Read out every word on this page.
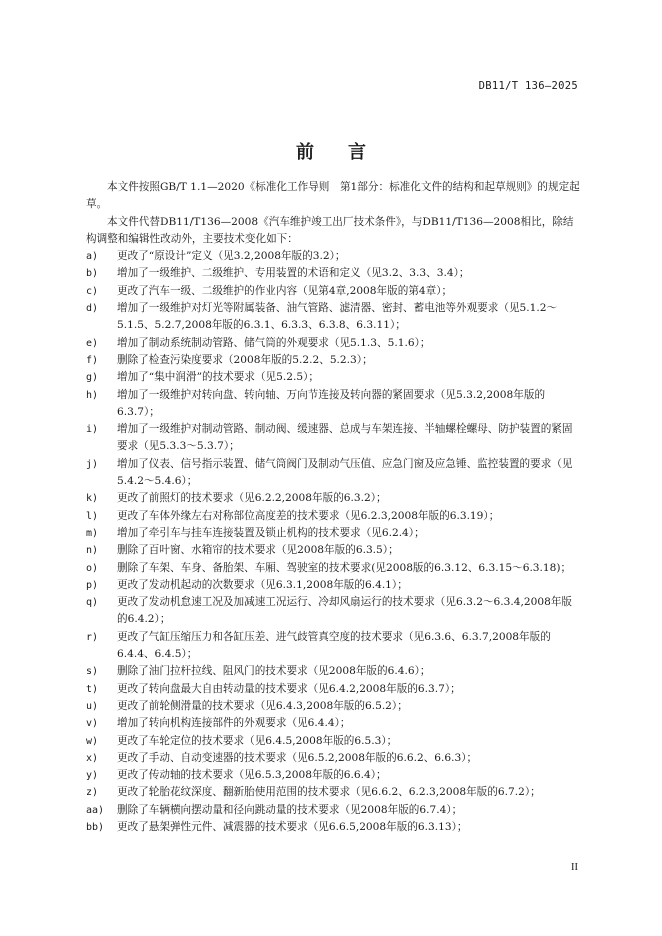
DB11/T 136—2025
前言

本文件按照GB/T 1.1—2020《标准化工作导则　第1部分：标准化文件的结构和起草规则》的规定起草。

本文件代替DB11/T136—2008《汽车维护竣工出厂技术条件》，与DB11/T136—2008相比，除结构调整和编辑性改动外，主要技术变化如下：

a)	更改了“原设计”定义（见3.2,2008年版的3.2）；
b)	增加了一级维护、二级维护、专用装置的术语和定义（见3.2、3.3、3.4）；
c)	更改了汽车一级、二级维护的作业内容（见第4章,2008年版的第4章）；
d)	增加了一级维护对灯光等附属装备、油气管路、滤清器、密封、蓄电池等外观要求（见5.1.2～5.1.5、5.2.7,2008年版的6.3.1、6.3.3、6.3.8、6.3.11）；
e)	增加了制动系统制动管路、储气筒的外观要求（见5.1.3、5.1.6）；
f)	删除了检查污染度要求（2008年版的5.2.2、5.2.3）；
g)	增加了“集中润滑”的技术要求（见5.2.5）；
h)	增加了一级维护对转向盘、转向轴、万向节连接及转向器的紧固要求（见5.3.2,2008年版的6.3.7）；
i)	增加了一级维护对制动管路、制动阀、缓速器、总成与车架连接、半轴螺栓螺母、防护装置的紧固要求（见5.3.3～5.3.7）；
j)	增加了仪表、信号指示装置、储气筒阀门及制动气压值、应急门窗及应急锤、监控装置的要求（见5.4.2～5.4.6）；
k)	更改了前照灯的技术要求（见6.2.2,2008年版的6.3.2）；
l)	更改了车体外缘左右对称部位高度差的技术要求（见6.2.3,2008年版的6.3.19）；
m)	增加了牵引车与挂车连接装置及锁止机构的技术要求（见6.2.4）；
n)	删除了百叶窗、水箱帘的技术要求（见2008年版的6.3.5）；
o)	删除了车架、车身、备胎架、车厢、驾驶室的技术要求(见2008版的6.3.12、6.3.15～6.3.18)；
p)	更改了发动机起动的次数要求（见6.3.1,2008年版的6.4.1）；
q)	更改了发动机怠速工况及加减速工况运行、冷却风扇运行的技术要求（见6.3.2～6.3.4,2008年版的6.4.2）；
r)	更改了气缸压缩压力和各缸压差、进气歧管真空度的技术要求（见6.3.6、6.3.7,2008年版的6.4.4、6.4.5）；
s)	删除了油门拉杆拉线、阻风门的技术要求（见2008年版的6.4.6）；
t)	更改了转向盘最大自由转动量的技术要求（见6.4.2,2008年版的6.3.7）；
u)	更改了前轮侧滑量的技术要求（见6.4.3,2008年版的6.5.2）；
v)	增加了转向机构连接部件的外观要求（见6.4.4）；
w)	更改了车轮定位的技术要求（见6.4.5,2008年版的6.5.3）；
x)	更改了手动、自动变速器的技术要求（见6.5.2,2008年版的6.6.2、6.6.3）；
y)	更改了传动轴的技术要求（见6.5.3,2008年版的6.6.4）；
z)	更改了轮胎花纹深度、翻新胎使用范围的技术要求（见6.6.2、6.2.3,2008年版的6.7.2）；
aa)	删除了车辆横向摆动量和径向跳动量的技术要求（见2008年版的6.7.4）；
bb)	更改了悬架弹性元件、减震器的技术要求（见6.6.5,2008年版的6.3.13）；
II
